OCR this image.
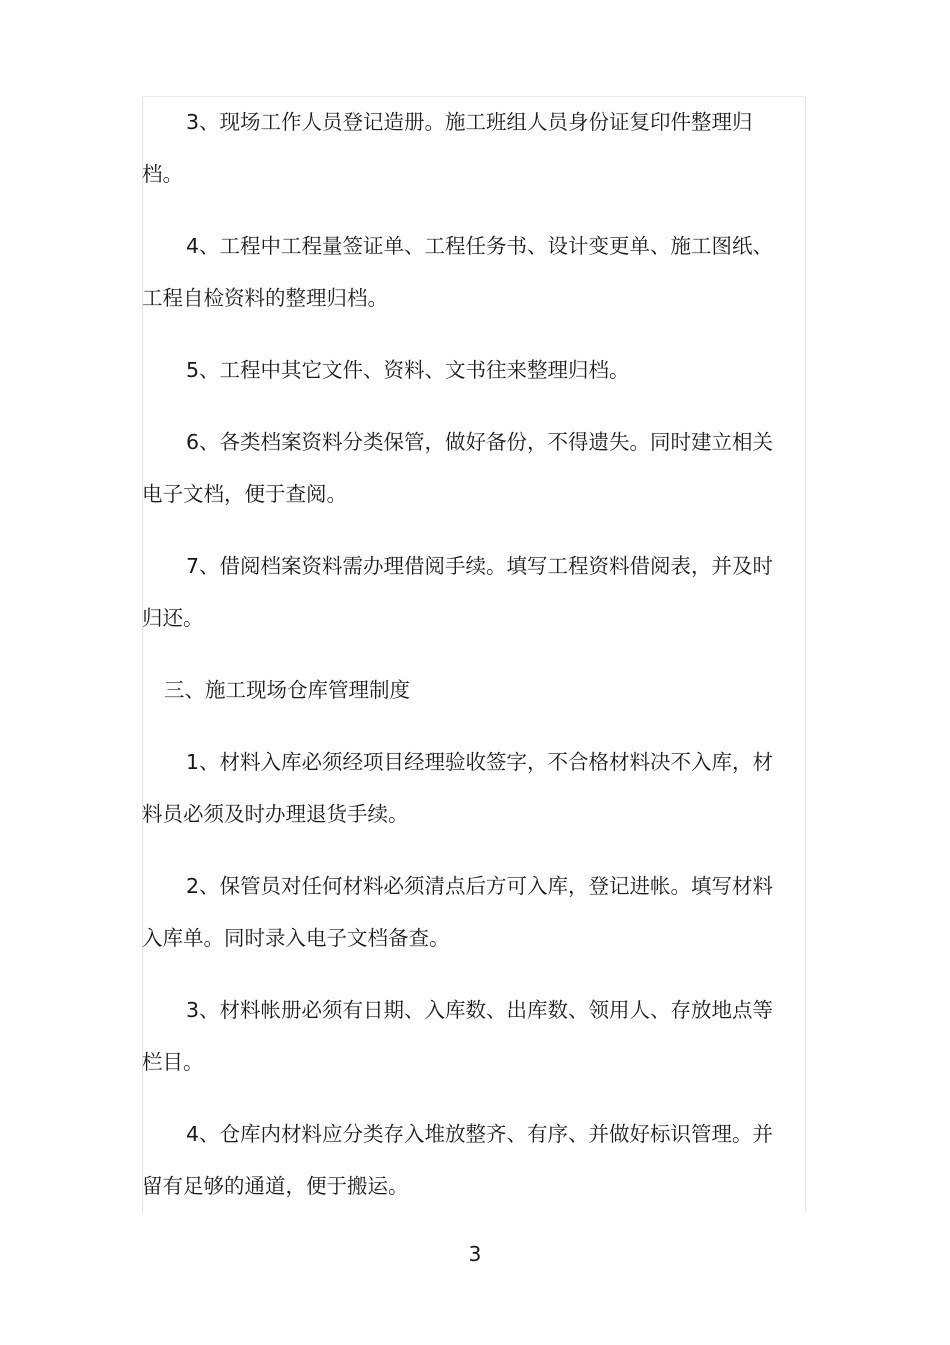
3、现场工作人员登记造册。施工班组人员身份证复印件整理归档。

4、工程中工程量签证单、工程任务书、设计变更单、施工图纸、工程自检资料的整理归档。

5、工程中其它文件、资料、文书往来整理归档。

6、各类档案资料分类保管，做好备份，不得遗失。同时建立相关电子文档，便于查阅。

7、借阅档案资料需办理借阅手续。填写工程资料借阅表，并及时归还。

三、施工现场仓库管理制度

1、材料入库必须经项目经理验收签字，不合格材料决不入库，材料员必须及时办理退货手续。

2、保管员对任何材料必须清点后方可入库，登记进帐。填写材料入库单。同时录入电子文档备查。

3、材料帐册必须有日期、入库数、出库数、领用人、存放地点等栏目。

4、仓库内材料应分类存入堆放整齐、有序、并做好标识管理。并留有足够的通道，便于搬运。

3
